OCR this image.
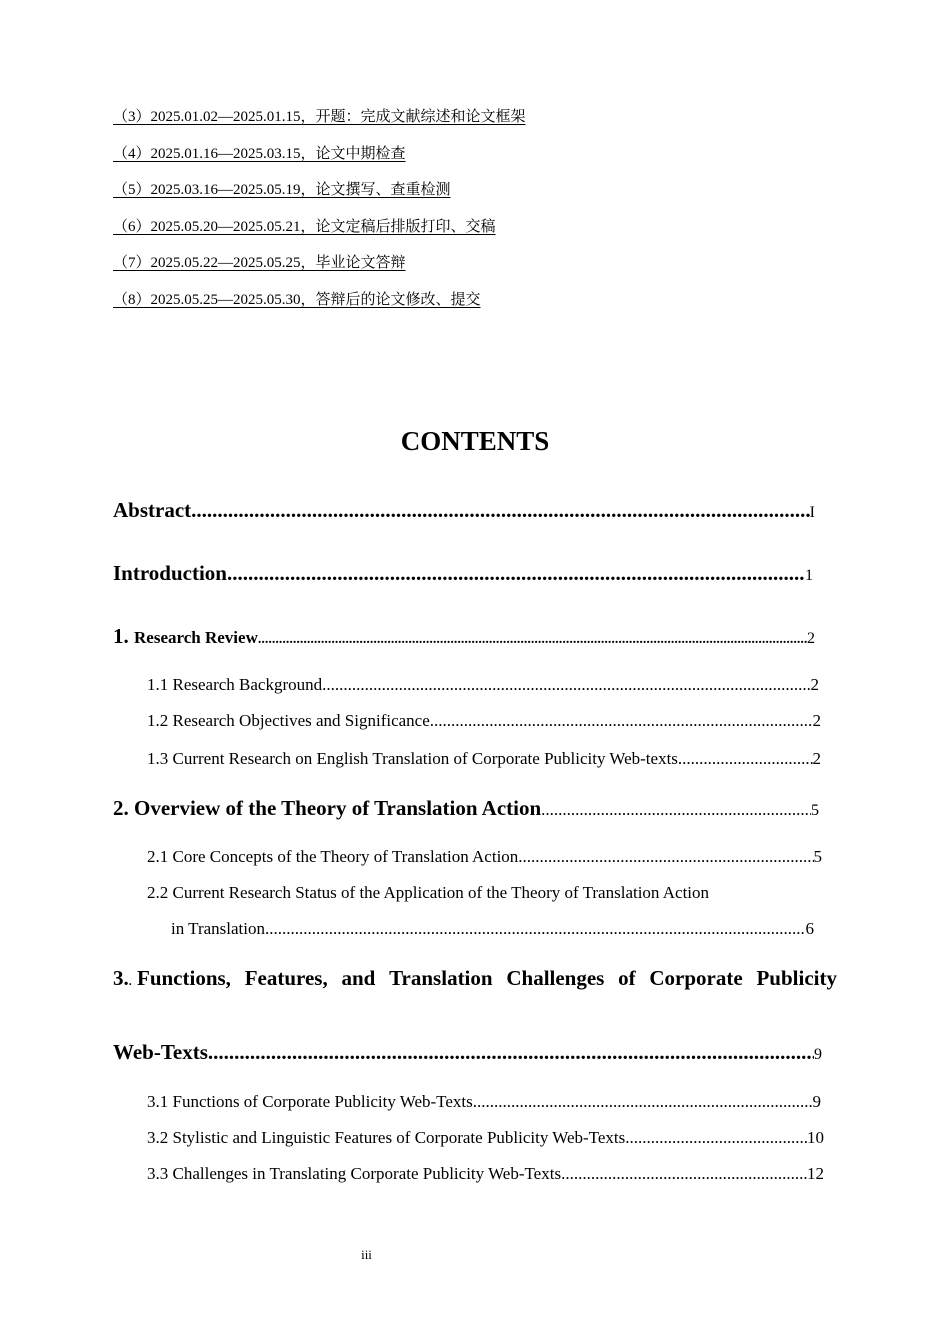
（3）2025.01.02—2025.01.15，开题：完成文献综述和论文框架
（4）2025.01.16—2025.03.15，论文中期检查
（5）2025.03.16—2025.05.19，论文撰写、查重检测
（6）2025.05.20—2025.05.21，论文定稿后排版打印、交稿
（7）2025.05.22—2025.05.25，毕业论文答辩
（8）2025.05.25—2025.05.30，答辩后的论文修改、提交
CONTENTS
Abstract .....	I
Introduction .....	1
1. Research Review .....	2
1.1 Research Background .....	2
1.2 Research Objectives and Significance .....	2
1.3 Current Research on English Translation of Corporate Publicity Web-texts .....	2
2. Overview of the Theory of Translation Action .....	5
2.1 Core Concepts of the Theory of Translation Action .....	5
2.2 Current Research Status of the Application of the Theory of Translation Action
in Translation .....	6
3.. Functions, Features, and Translation Challenges of Corporate Publicity
Web-Texts .....	9
3.1 Functions of Corporate Publicity Web-Texts .....	9
3.2 Stylistic and Linguistic Features of Corporate Publicity Web-Texts .....	10
3.3 Challenges in Translating Corporate Publicity Web-Texts .....	12
iii
